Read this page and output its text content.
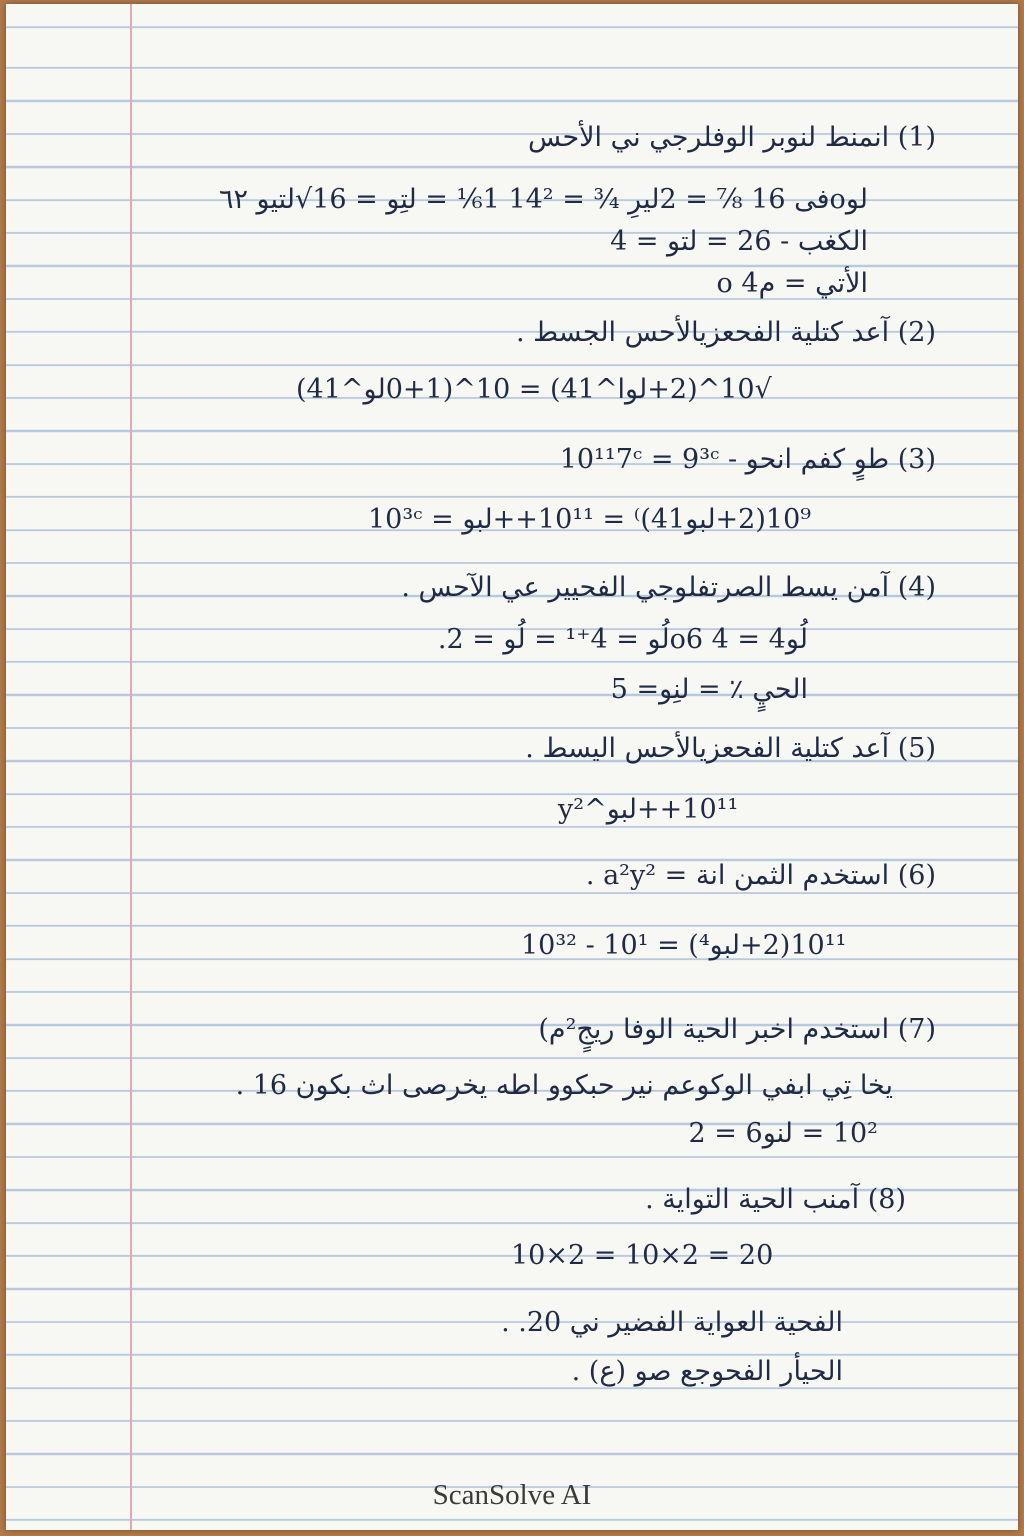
(1) انمنط لنوبر الوفلرجي ني الأحس
لوoفى 16 ⅞ = 2ليرِ ¾ = 14² 1⅙ = لتِو = 16√لتيو ٦٢
الكغب - 26 = لتو = 4
الأتي = مo 4
(2) آعد كتلية الفحعزيالأحس الجسط .
√10^(2+لوا^41) = 10^(1+0لو^41)
(3) طوٍ كفم انحو - 10¹¹7ᶜ = 9³ᶜ
10⁹(2+لبو41)⁾ = 10¹¹++لبو = 10³ᶜ
(4) آمن يسط الصرتفلوجي الفحيير عي الآحس .
لُوo6 4 = 4لُو = 4⁺¹ = لُو = 2.
الحيٍ ٪ = لنِو= 5
(5) آعد كتلية الفحعزيالأحس اليسط .
10¹¹++لبو^y²
(6) استخدم الثمن انة = a²y² .
10¹¹(2+لبو⁴) = 10¹ - 10³²
(7) استخدم اخبر الحية الوفا ريجٍ²م)
يخا تِي ابفي الوكوعم نير حبكوو اطه يخرصى اث بكون 16 .
10² = لنو6 = 2
(8) آمنب الحية التواية .
10×2 = 10×2 = 20
الفحية العواية الفضير ني 20. .
الحيأر الفحوجع صو (ع) .
ScanSolve AI
